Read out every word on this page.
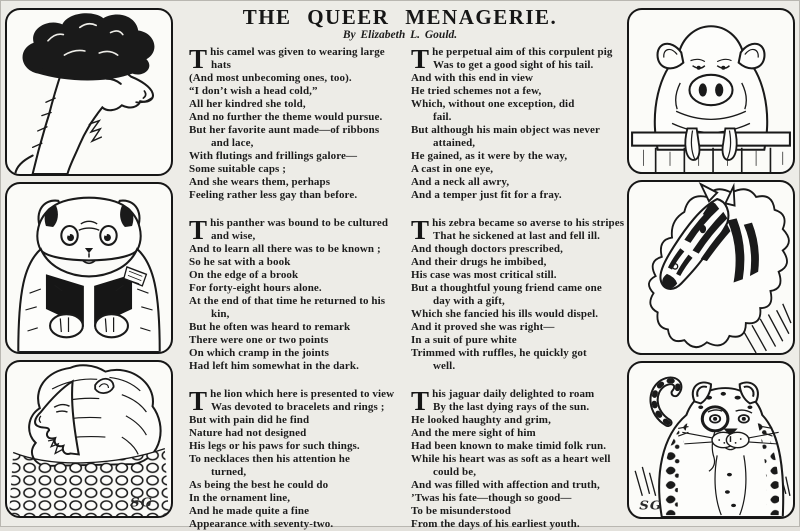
SG
THE QUEER MENAGERIE.
By Elizabeth L. Gould.
T his camel was given to wearing large
hats
(And most unbecoming ones, too).
“I don’t wish a head cold,”
All her kindred she told,
And no further the theme would pursue.
But her favorite aunt made—of ribbons
and lace,
With flutings and frillings galore—
Some suitable caps ;
And she wears them, perhaps
Feeling rather less gay than before.
T his panther was bound to be cultured
and wise,
And to learn all there was to be known ;
So he sat with a book
On the edge of a brook
For forty-eight hours alone.
At the end of that time he returned to his
kin,
But he often was heard to remark
There were one or two points
On which cramp in the joints
Had left him somewhat in the dark.
T he lion which here is presented to view
Was devoted to bracelets and rings ;
But with pain did he find
Nature had not designed
His legs or his paws for such things.
To necklaces then his attention he
turned,
As being the best he could do
In the ornament line,
And he made quite a fine
Appearance with seventy-two.
T he perpetual aim of this corpulent pig
Was to get a good sight of his tail.
And with this end in view
He tried schemes not a few,
Which, without one exception, did
fail.
But although his main object was never
attained,
He gained, as it were by the way,
A cast in one eye,
And a neck all awry,
And a temper just fit for a fray.
T his zebra became so averse to his stripes
That he sickened at last and fell ill.
And though doctors prescribed,
And their drugs he imbibed,
His case was most critical still.
But a thoughtful young friend came one
day with a gift,
Which she fancied his ills would dispel.
And it proved she was right—
In a suit of pure white
Trimmed with ruffles, he quickly got
well.
T his jaguar daily delighted to roam
By the last dying rays of the sun.
He looked haughty and grim,
And the mere sight of him
Had been known to make timid folk run.
While his heart was as soft as a heart well
could be,
And was filled with affection and truth,
’Twas his fate—though so good—
To be misunderstood
From the days of his earliest youth.
SG
